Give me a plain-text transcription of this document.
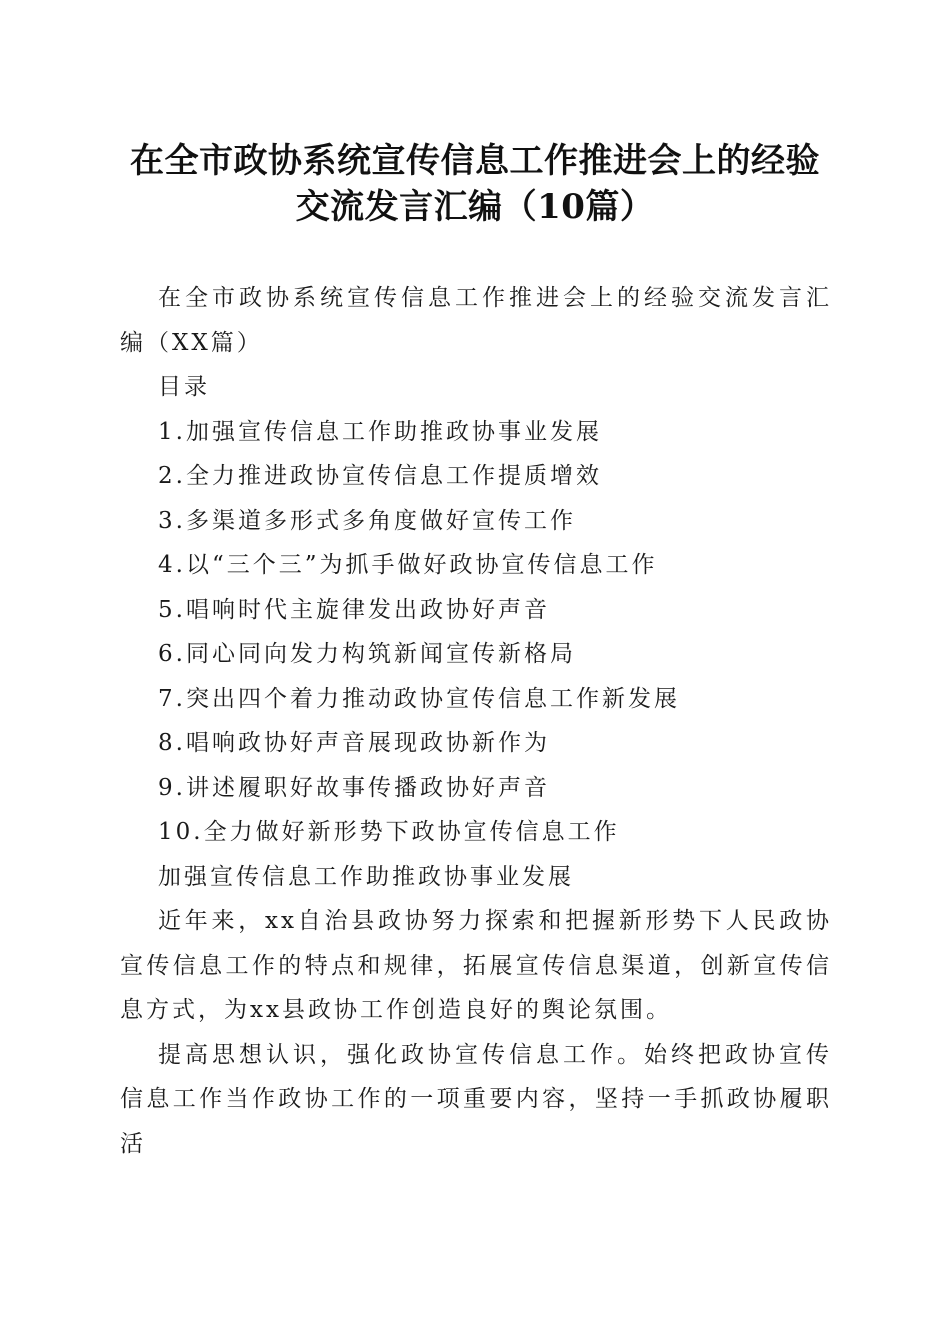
在全市政协系统宣传信息工作推进会上的经验
交流发言汇编（10篇）

在全市政协系统宣传信息工作推进会上的经验交流发言汇编（XX篇）

目录

1.加强宣传信息工作助推政协事业发展

2.全力推进政协宣传信息工作提质增效

3.多渠道多形式多角度做好宣传工作

4.以“三个三”为抓手做好政协宣传信息工作

5.唱响时代主旋律发出政协好声音

6.同心同向发力构筑新闻宣传新格局

7.突出四个着力推动政协宣传信息工作新发展

8.唱响政协好声音展现政协新作为

9.讲述履职好故事传播政协好声音

10.全力做好新形势下政协宣传信息工作

加强宣传信息工作助推政协事业发展

近年来，xx自治县政协努力探索和把握新形势下人民政协宣传信息工作的特点和规律，拓展宣传信息渠道，创新宣传信息方式，为xx县政协工作创造良好的舆论氛围。

提高思想认识，强化政协宣传信息工作。始终把政协宣传信息工作当作政协工作的一项重要内容，坚持一手抓政协履职活
